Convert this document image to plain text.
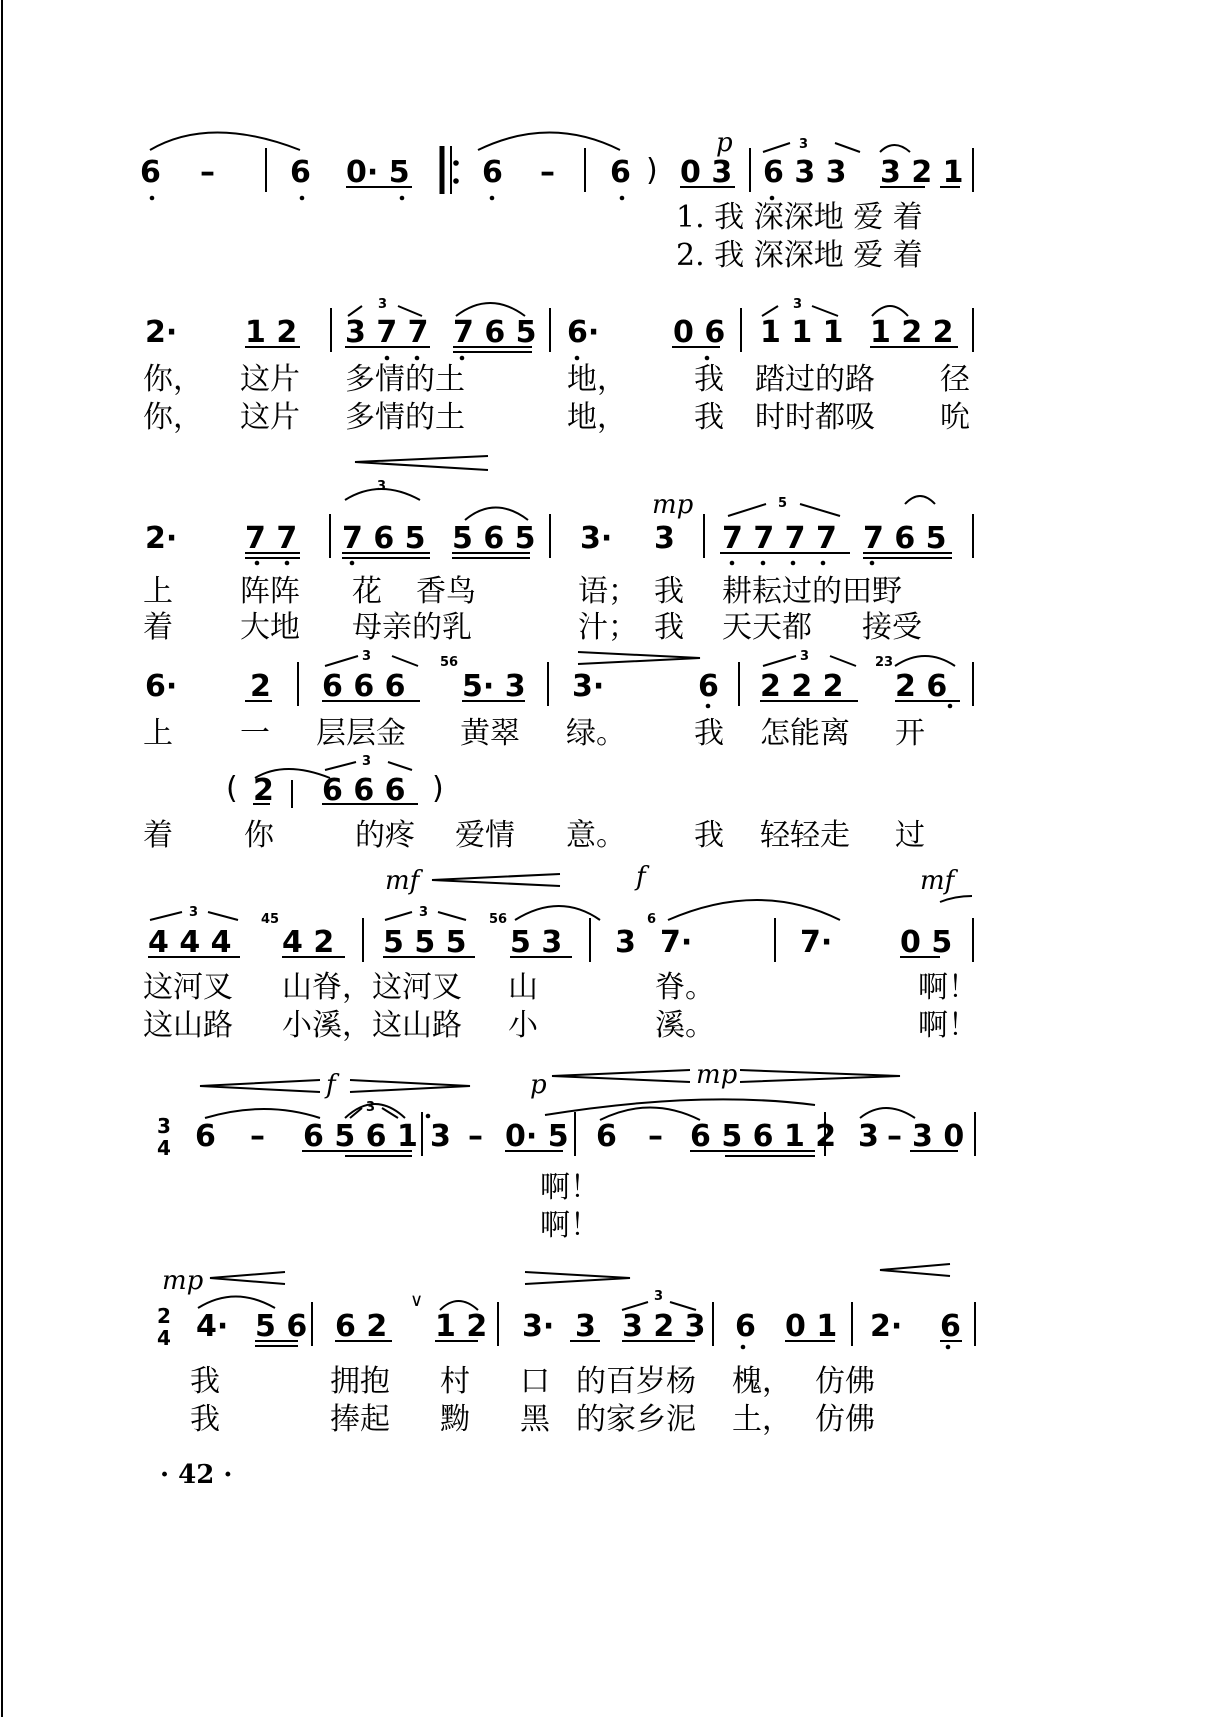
6 –	6 0· 5 6 – 6 ) 0 3 6 3 3 3 2 1
p	3
1. 我 深深地 爱 着
2. 我 深深地 爱 着
2· 1 2 3 7 7 7 6 5 6· 0 6 1 1 1 1 2 2
3	3
你， 这片 多情的土	地， 我 踏过的路 径
你， 这片 多情的土	地， 我 时时都吸 吮
2· 7 7 7 6 5 5 6 5 3· 3 7 7 7 7 7 6 5
mp
3
5
上 阵阵 花 香鸟	语； 我 耕耘过的田野
着 大地 母亲的乳	汁； 我 天天都 接受
6· 2 6 6 6 5· 3 3·	6 2 2 2 2 6
56	23
3	3
上 一 层层金 黄翠 绿。 我 怎能离 开
( 2 6 6 6 )
3
着 你	的疼 爱情 意。 我 轻轻走 过
4 4 4 4 2 5 5 5 5 3 3 7·	7· 0 5
45	56	6
mf	f	mf
3	3
这河叉 山脊，这河叉 山	脊。	啊！
这山路 小溪，这山路 小	溪。	啊！
3
4 6 – 6 5 6 1 3 – 0· 5 6 – 6 5 6 1 2 3 – 3 0
f	p	mp
3
啊！
啊！
2
4 4· 5 6 6 2 1 2 3· 3 3 2 3 6 0 1 2· 6
∨
mp
3
我	拥抱 村 口 的百岁杨 槐， 仿佛
我	捧起 黝 黑 的家乡泥 土， 仿佛
· 42 ·
